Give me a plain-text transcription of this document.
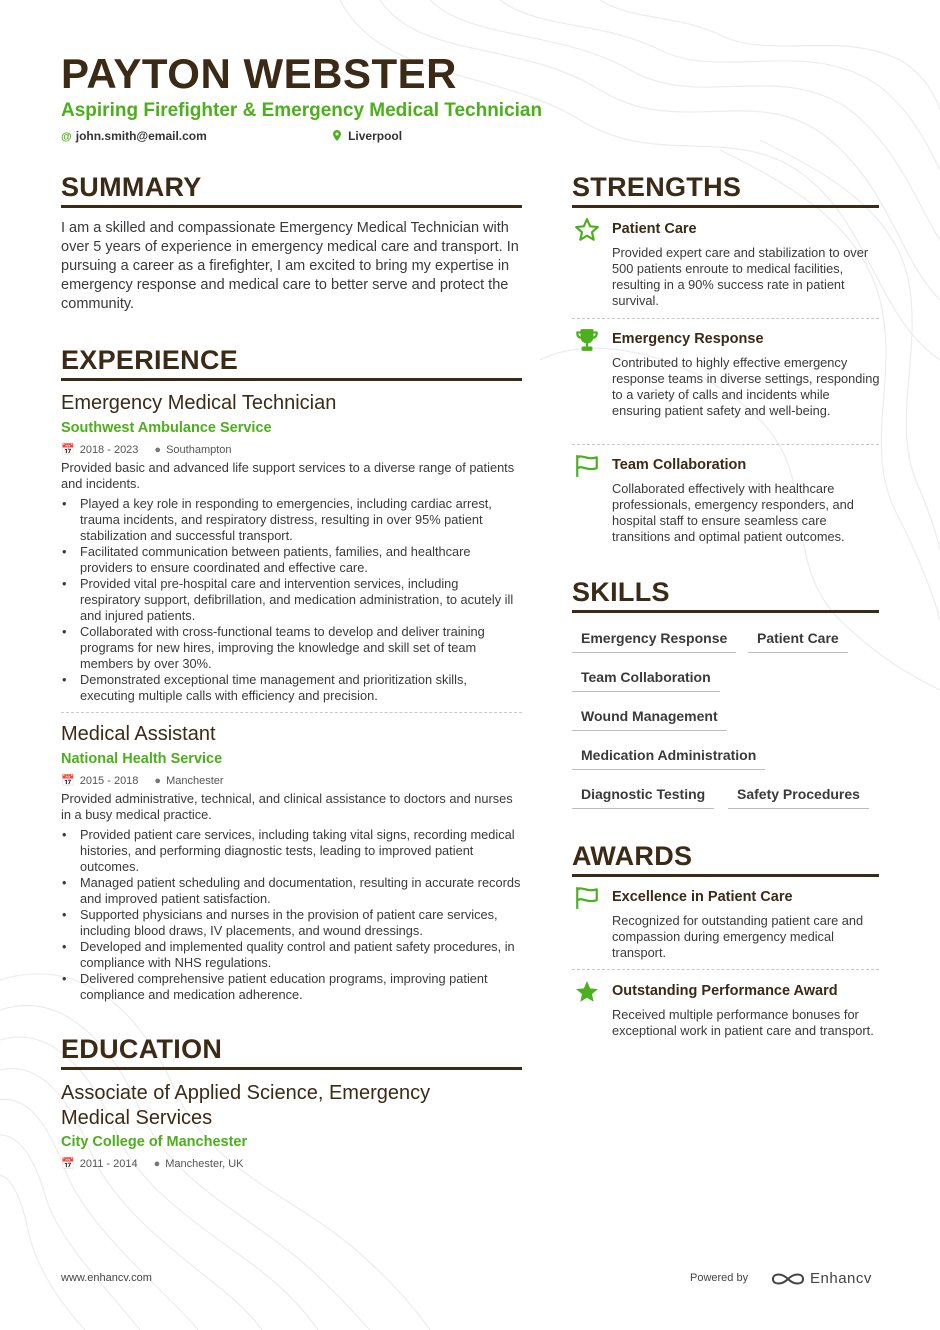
PAYTON WEBSTER
Aspiring Firefighter & Emergency Medical Technician
@ john.smith@email.com	Liverpool
SUMMARY
I am a skilled and compassionate Emergency Medical Technician with over 5 years of experience in emergency medical care and transport. In pursuing a career as a firefighter, I am excited to bring my expertise in emergency response and medical care to better serve and protect the community.
EXPERIENCE
Emergency Medical Technician
Southwest Ambulance Service
📅 2018 - 2023 ● Southampton
Provided basic and advanced life support services to a diverse range of patients and incidents.
• Played a key role in responding to emergencies, including cardiac arrest, trauma incidents, and respiratory distress, resulting in over 95% patient stabilization and successful transport.
• Facilitated communication between patients, families, and healthcare providers to ensure coordinated and effective care.
• Provided vital pre-hospital care and intervention services, including respiratory support, defibrillation, and medication administration, to acutely ill and injured patients.
• Collaborated with cross-functional teams to develop and deliver training programs for new hires, improving the knowledge and skill set of team members by over 30%.
• Demonstrated exceptional time management and prioritization skills, executing multiple calls with efficiency and precision.
Medical Assistant
National Health Service
📅 2015 - 2018 ● Manchester
Provided administrative, technical, and clinical assistance to doctors and nurses in a busy medical practice.
• Provided patient care services, including taking vital signs, recording medical histories, and performing diagnostic tests, leading to improved patient outcomes.
• Managed patient scheduling and documentation, resulting in accurate records and improved patient satisfaction.
• Supported physicians and nurses in the provision of patient care services, including blood draws, IV placements, and wound dressings.
• Developed and implemented quality control and patient safety procedures, in compliance with NHS regulations.
• Delivered comprehensive patient education programs, improving patient compliance and medication adherence.
EDUCATION
Associate of Applied Science, Emergency Medical Services
City College of Manchester
📅 2011 - 2014 ● Manchester, UK
STRENGTHS
Patient Care
Provided expert care and stabilization to over 500 patients enroute to medical facilities, resulting in a 90% success rate in patient survival.
Emergency Response
Contributed to highly effective emergency response teams in diverse settings, responding to a variety of calls and incidents while ensuring patient safety and well-being.
Team Collaboration
Collaborated effectively with healthcare professionals, emergency responders, and hospital staff to ensure seamless care transitions and optimal patient outcomes.
SKILLS
Emergency Response	Patient Care
Team Collaboration
Wound Management
Medication Administration
Diagnostic Testing	Safety Procedures
AWARDS
Excellence in Patient Care
Recognized for outstanding patient care and compassion during emergency medical transport.
Outstanding Performance Award
Received multiple performance bonuses for exceptional work in patient care and transport.
www.enhancv.com	Powered by	Enhancv
